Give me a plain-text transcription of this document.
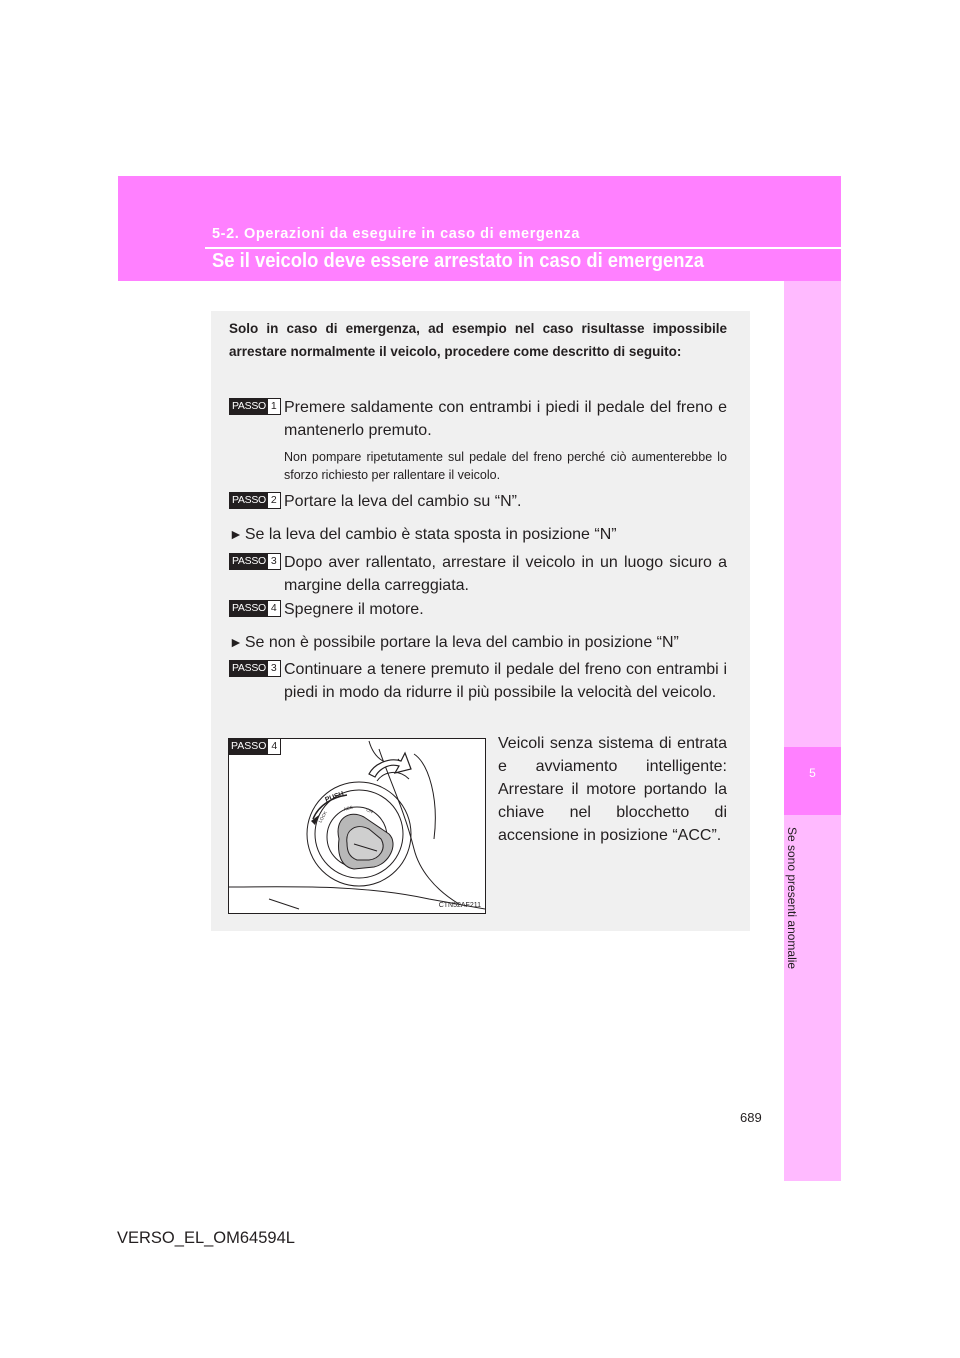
5-2. Operazioni da eseguire in caso di emergenza
Se il veicolo deve essere arrestato in caso di emergenza
5
Se sono presenti anomalie
Solo in caso di emergenza, ad esempio nel caso risultasse impossibile arrestare normalmente il veicolo, procedere come descritto di seguito:
PASSO 1 Premere saldamente con entrambi i piedi il pedale del freno e mantenerlo premuto.
Non pompare ripetutamente sul pedale del freno perché ciò aumenterebbe lo sforzo richiesto per rallentare il veicolo.
PASSO 2 Portare la leva del cambio su “N”.
► Se la leva del cambio è stata sposta in posizione “N”
PASSO 3 Dopo aver rallentato, arrestare il veicolo in un luogo sicuro a margine della carreggiata.
PASSO 4 Spegnere il motore.
► Se non è possibile portare la leva del cambio in posizione “N”
PASSO 3 Continuare a tenere premuto il pedale del freno con entrambi i piedi in modo da ridurre il più possibile la velocità del veicolo.
PASSO 4
PUSH
LOCK
ACC	ON
CTN52AF211
Veicoli senza sistema di entrata e avviamento intelligente: Arrestare il motore portando la chiave nel blocchetto di accensione in posizione “ACC”.
689
VERSO_EL_OM64594L
